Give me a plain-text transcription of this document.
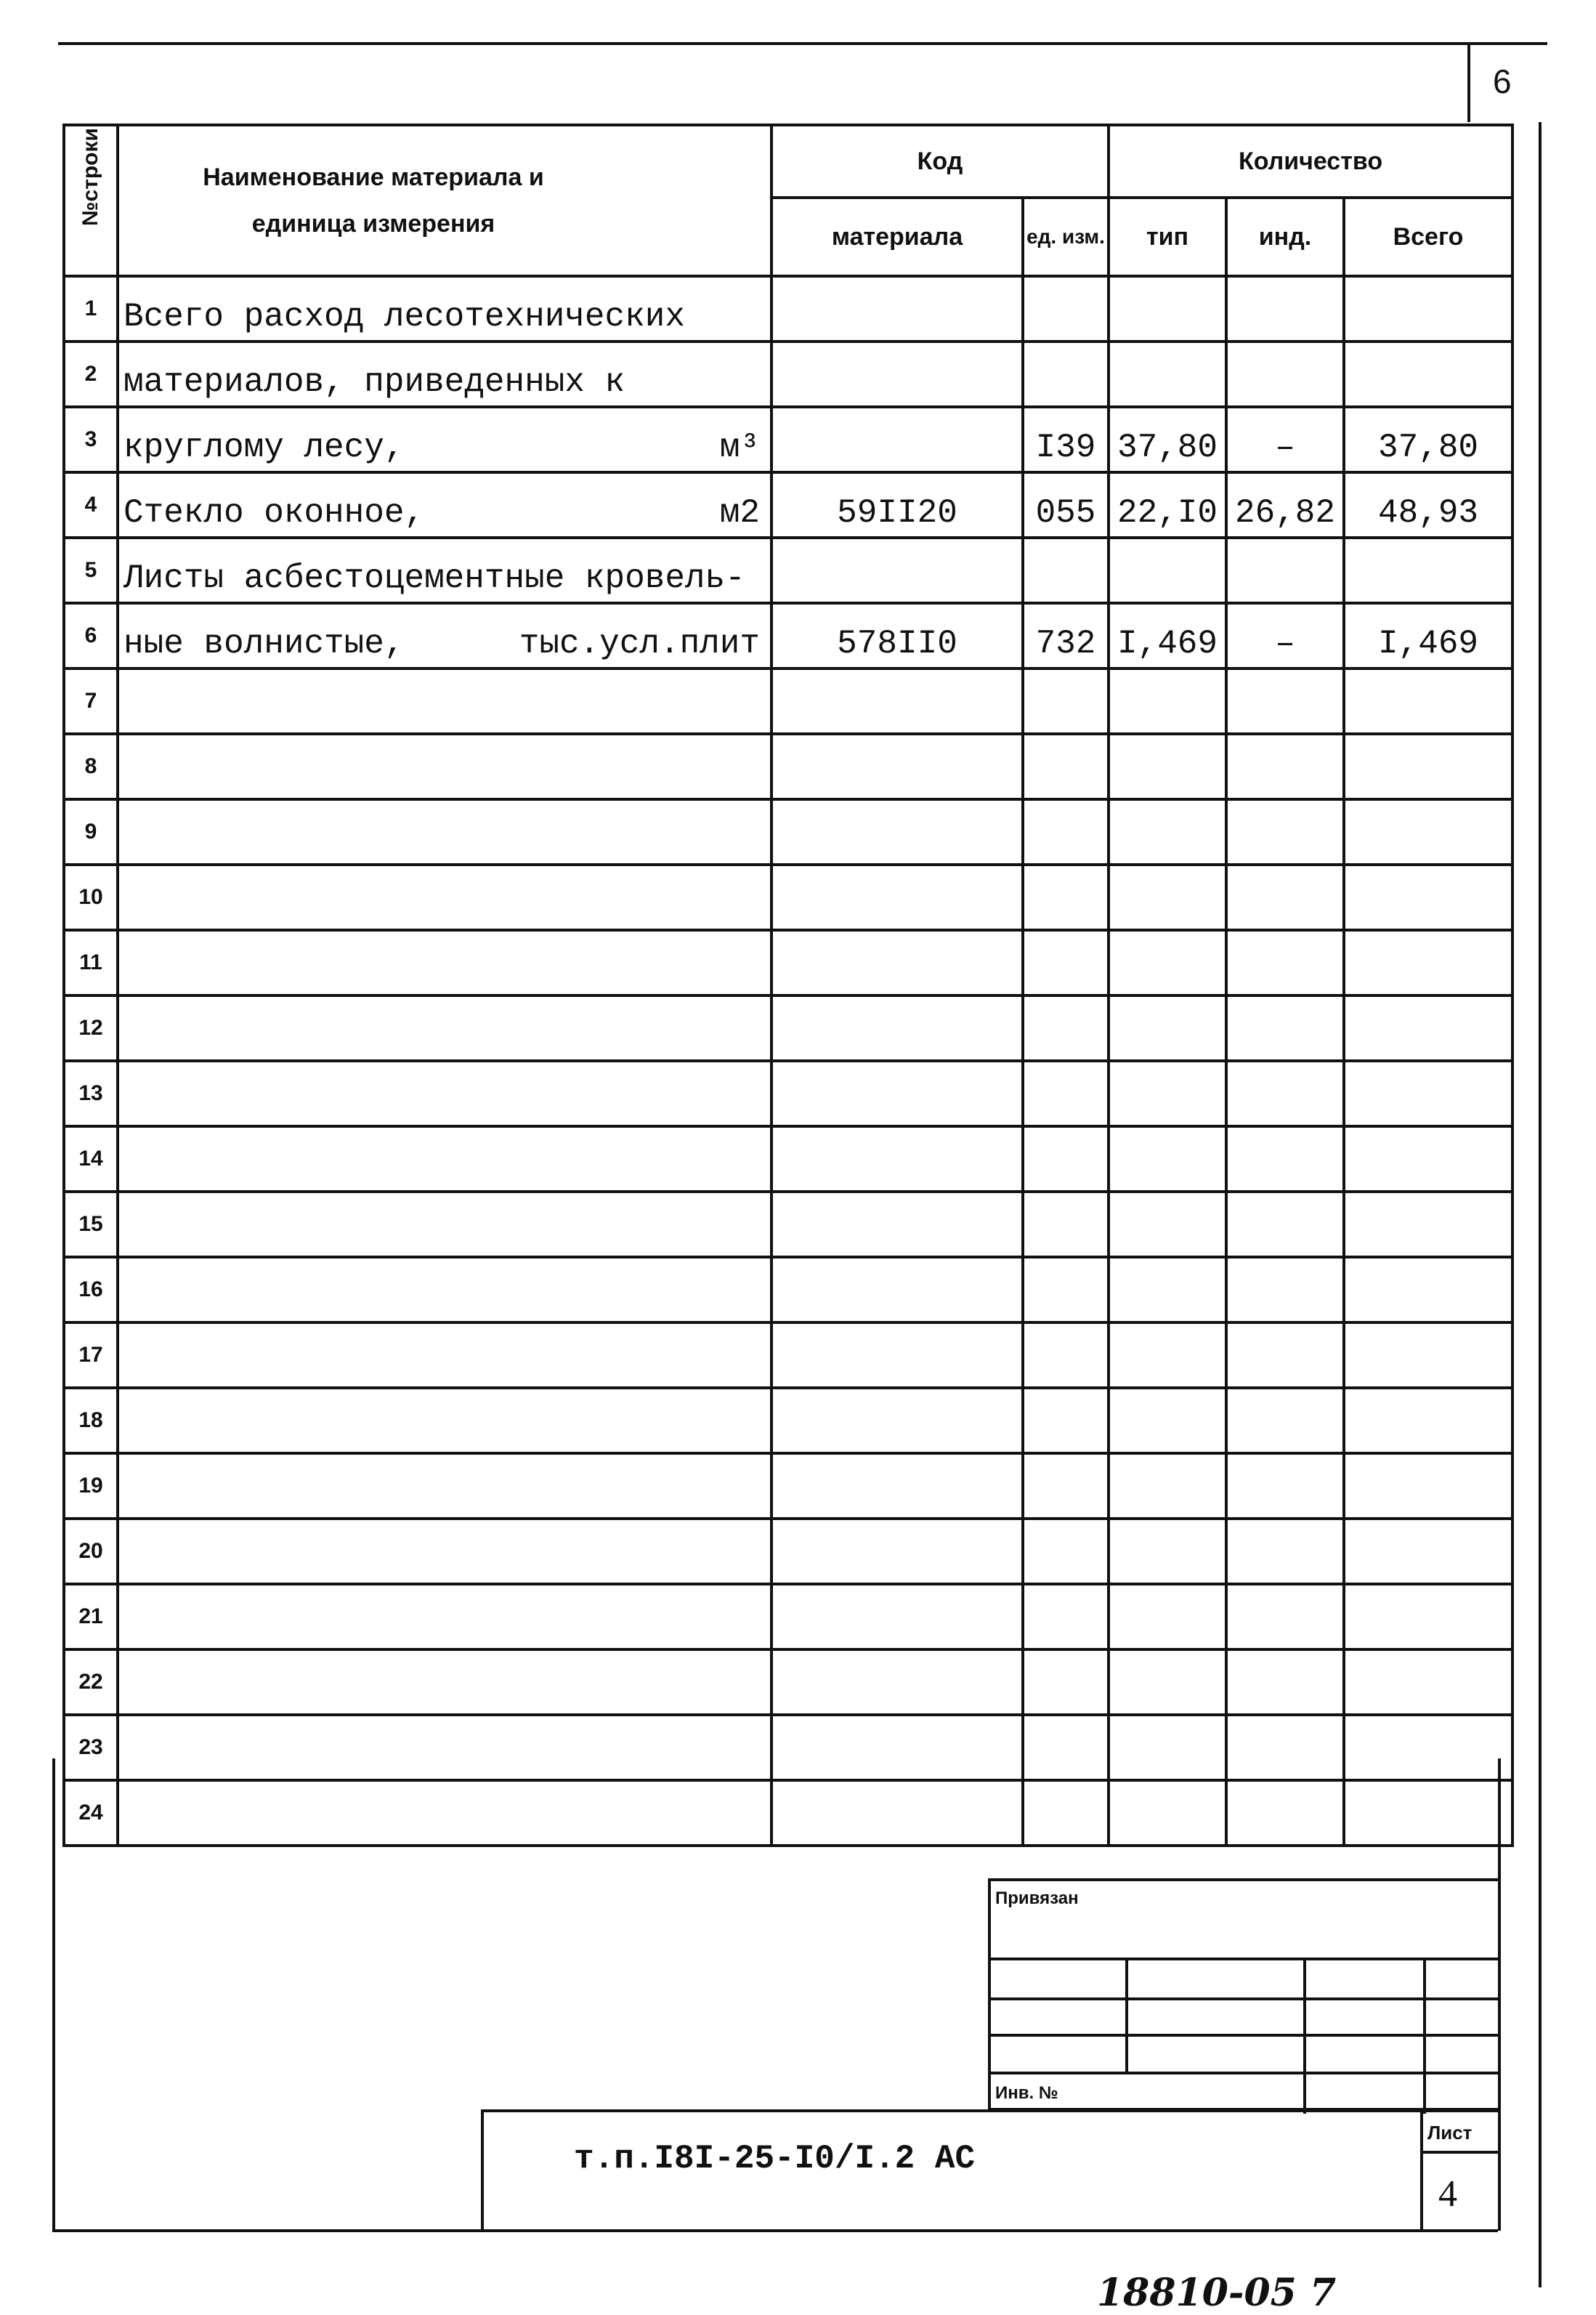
6
№строки	Наименование материала и единица измерения	Код		Количество		
		материала	ед. изм.	тип	инд.	Всего
1	Всего расход лесотехнических

2	материалов, приведенных к

3	круглому лесу, м³		I39	37,80	–	37,80
4	Стекло оконное, м2	59II20	055	22,I0	26,82	48,93
5	Листы асбестоцементные кровель-

6	ные волнистые, тыс.усл.плит	578II0	732	I,469	–	I,469
7	

8	

9	

10	

11	

12	

13	

14	

15	

16	

17	

18	

19	

20	

21	

22	

23	

24	

Привязан
Инв. №
т.п.I8I-25-I0/I.2 АС
Лист
4
18810-05 7
